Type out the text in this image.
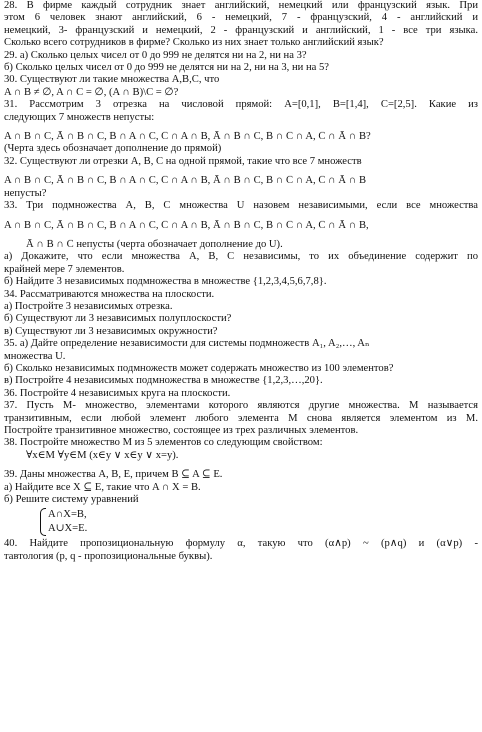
28. В фирме каждый сотрудник знает английский, немецкий или французский язык. При
этом 6 человек знают английский, 6 - немецкий, 7 - французский, 4 - английский и
немецкий, 3- французский и немецкий, 2 - французский и английский, 1 - все три языка.
Сколько всего сотрудников в фирме? Сколько из них знает только английский язык?
29. а) Сколько целых чисел от 0 до 999 не делятся ни на 2, ни на 3?
б) Сколько целых чисел от 0 до 999 не делятся ни на 2, ни на 3, ни на 5?
30. Существуют ли такие множества A,B,C, что
A ∩ B ≠ ∅, A ∩ C = ∅, (A ∩ B)\C = ∅?
31. Рассмотрим 3 отрезка на числовой прямой: A=[0,1], B=[1,4], C=[2,5]. Какие из
следующих 7 множеств непусты:
A ∩ B ∩ C, Ā ∩ B ∩ C, B̄ ∩ A ∩ C, C̄ ∩ A ∩ B, Ā ∩ B̄ ∩ C, B̄ ∩ C̄ ∩ A, C̄ ∩ Ā ∩ B?
(Черта здесь обозначает дополнение до прямой)
32. Существуют ли отрезки A, B, C на одной прямой, такие что все 7 множеств
A ∩ B ∩ C, Ā ∩ B ∩ C, B̄ ∩ A ∩ C, C̄ ∩ A ∩ B, Ā ∩ B̄ ∩ C, B̄ ∩ C̄ ∩ A, C̄ ∩ Ā ∩ B
непусты?
33. Три подмножества A, B, C множества U назовем независимыми, если все множества
A ∩ B ∩ C, Ā ∩ B ∩ C, B̄ ∩ A ∩ C, C̄ ∩ A ∩ B, Ā ∩ B̄ ∩ C, B̄ ∩ C̄ ∩ A, C̄ ∩ Ā ∩ B,
Ā ∩ B̄ ∩ C̄ непусты (черта обозначает дополнение до U).
а) Докажите, что если множества A, B, C независимы, то их объединение содержит по
крайней мере 7 элементов.
б) Найдите 3 независимых подмножества в множестве {1,2,3,4,5,6,7,8}.
34. Рассматриваются множества на плоскости.
а) Постройте 3 независимых отрезка.
б) Существуют ли 3 независимых полуплоскости?
в) Существуют ли 3 независимых окружности?
35. а) Дайте определение независимости для системы подмножеств A₁, A₂,…, Aₙ
множества U.
б) Сколько независимых подмножеств может содержать множество из 100 элементов?
в) Постройте 4 независимых подмножества в множестве {1,2,3,…,20}.
36. Постройте 4 независимых круга на плоскости.
37. Пусть M- множество, элементами которого являются другие множества. M называется
транзитивным, если любой элемент любого элемента M снова является элементом из M.
Постройте транзитивное множество, состоящее из трех различных элементов.
38. Постройте множество M из 5 элементов со следующим свойством:
∀x∈M ∀y∈M (x∈y ∨ x∈y ∨ x=y).
39. Даны множества A, B, E, причем B ⊆ A ⊆ E.
а) Найдите все X ⊆ E, такие что A ∩ X = B.
б) Решите систему уравнений
A∩X=B,
A∪X=E.
40. Найдите пропозициональную формулу α, такую что (α∧p) ~ (p∧q) и (α∨p) -
тавтология (p, q - пропозициональные буквы).
